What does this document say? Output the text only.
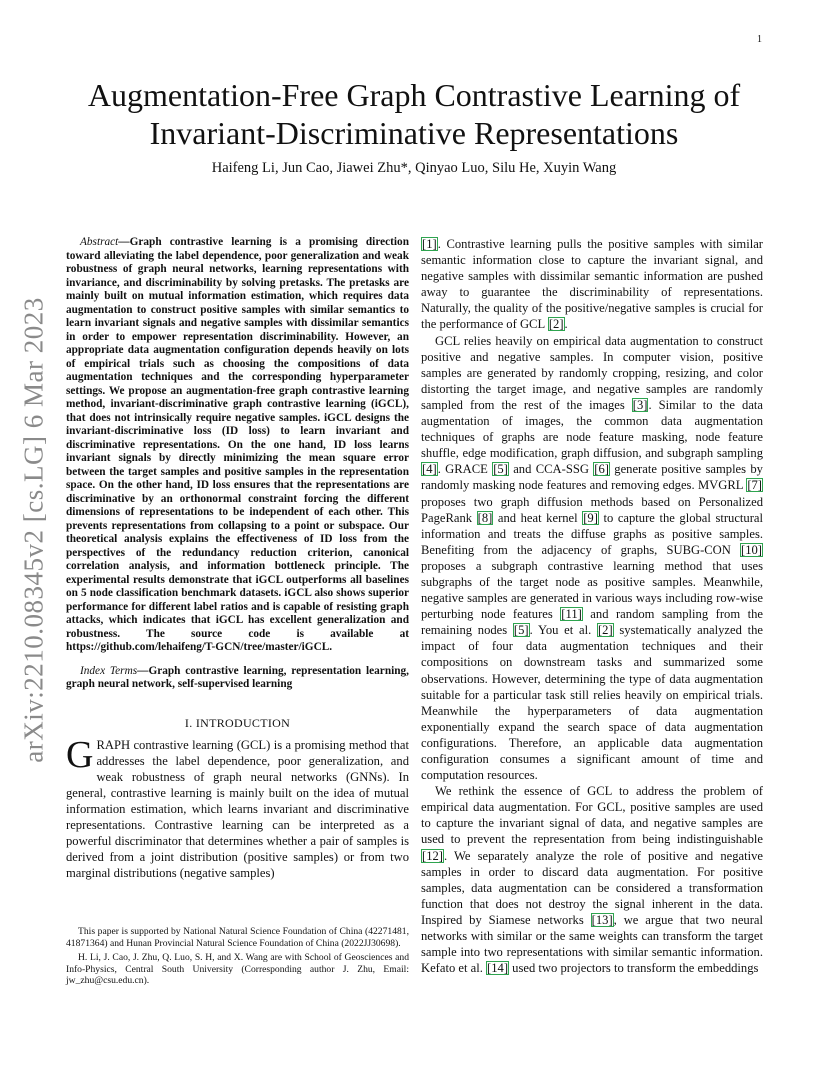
1
arXiv:2210.08345v2 [cs.LG] 6 Mar 2023
Augmentation-Free Graph Contrastive Learning of Invariant-Discriminative Representations
Haifeng Li, Jun Cao, Jiawei Zhu*, Qinyao Luo, Silu He, Xuyin Wang

Abstract—Graph contrastive learning is a promising direction toward alleviating the label dependence, poor generalization and weak robustness of graph neural networks, learning representations with invariance, and discriminability by solving pretasks. The pretasks are mainly built on mutual information estimation, which requires data augmentation to construct positive samples with similar semantics to learn invariant signals and negative samples with dissimilar semantics in order to empower representation discriminability. However, an appropriate data augmentation configuration depends heavily on lots of empirical trials such as choosing the compositions of data augmentation techniques and the corresponding hyperparameter settings. We propose an augmentation-free graph contrastive learning method, invariant-discriminative graph contrastive learning (iGCL), that does not intrinsically require negative samples. iGCL designs the invariant-discriminative loss (ID loss) to learn invariant and discriminative representations. On the one hand, ID loss learns invariant signals by directly minimizing the mean square error between the target samples and positive samples in the representation space. On the other hand, ID loss ensures that the representations are discriminative by an orthonormal constraint forcing the different dimensions of representations to be independent of each other. This prevents representations from collapsing to a point or subspace. Our theoretical analysis explains the effectiveness of ID loss from the perspectives of the redundancy reduction criterion, canonical correlation analysis, and information bottleneck principle. The experimental results demonstrate that iGCL outperforms all baselines on 5 node classification benchmark datasets. iGCL also shows superior performance for different label ratios and is capable of resisting graph attacks, which indicates that iGCL has excellent generalization and robustness. The source code is available at https://github.com/lehaifeng/T-GCN/tree/master/iGCL.

Index Terms—Graph contrastive learning, representation learning, graph neural network, self-supervised learning

I. INTRODUCTION

GRAPH contrastive learning (GCL) is a promising method that addresses the label dependence, poor generalization, and weak robustness of graph neural networks (GNNs). In general, contrastive learning is mainly built on the idea of mutual information estimation, which learns invariant and discriminative representations. Contrastive learning can be interpreted as a powerful discriminator that determines whether a pair of samples is derived from a joint distribution (positive samples) or from two marginal distributions (negative samples)

This paper is supported by National Natural Science Foundation of China (42271481, 41871364) and Hunan Provincial Natural Science Foundation of China (2022JJ30698).

H. Li, J. Cao, J. Zhu, Q. Luo, S. H, and X. Wang are with School of Geosciences and Info-Physics, Central South University (Corresponding author J. Zhu, Email: jw_zhu@csu.edu.cn).

[1]. Contrastive learning pulls the positive samples with similar semantic information close to capture the invariant signal, and negative samples with dissimilar semantic information are pushed away to guarantee the discriminability of representations. Naturally, the quality of the positive/negative samples is crucial for the performance of GCL [2].

GCL relies heavily on empirical data augmentation to construct positive and negative samples. In computer vision, positive samples are generated by randomly cropping, resizing, and color distorting the target image, and negative samples are randomly sampled from the rest of the images [3]. Similar to the data augmentation of images, the common data augmentation techniques of graphs are node feature masking, node feature shuffle, edge modification, graph diffusion, and subgraph sampling [4]. GRACE [5] and CCA-SSG [6] generate positive samples by randomly masking node features and removing edges. MVGRL [7] proposes two graph diffusion methods based on Personalized PageRank [8] and heat kernel [9] to capture the global structural information and treats the diffuse graphs as positive samples. Benefiting from the adjacency of graphs, SUBG-CON [10] proposes a subgraph contrastive learning method that uses subgraphs of the target node as positive samples. Meanwhile, negative samples are generated in various ways including row-wise perturbing node features [11] and random sampling from the remaining nodes [5]. You et al. [2] systematically analyzed the impact of four data augmentation techniques and their compositions on downstream tasks and summarized some observations. However, determining the type of data augmentation suitable for a particular task still relies heavily on empirical trials. Meanwhile the hyperparameters of data augmentation exponentially expand the search space of data augmentation configurations. Therefore, an applicable data augmentation configuration consumes a significant amount of time and computation resources.

We rethink the essence of GCL to address the problem of empirical data augmentation. For GCL, positive samples are used to capture the invariant signal of data, and negative samples are used to prevent the representation from being indistinguishable [12]. We separately analyze the role of positive and negative samples in order to discard data augmentation. For positive samples, data augmentation can be considered a transformation function that does not destroy the signal inherent in the data. Inspired by Siamese networks [13], we argue that two neural networks with similar or the same weights can transform the target sample into two representations with similar semantic information. Kefato et al. [14] used two projectors to transform the embeddings
